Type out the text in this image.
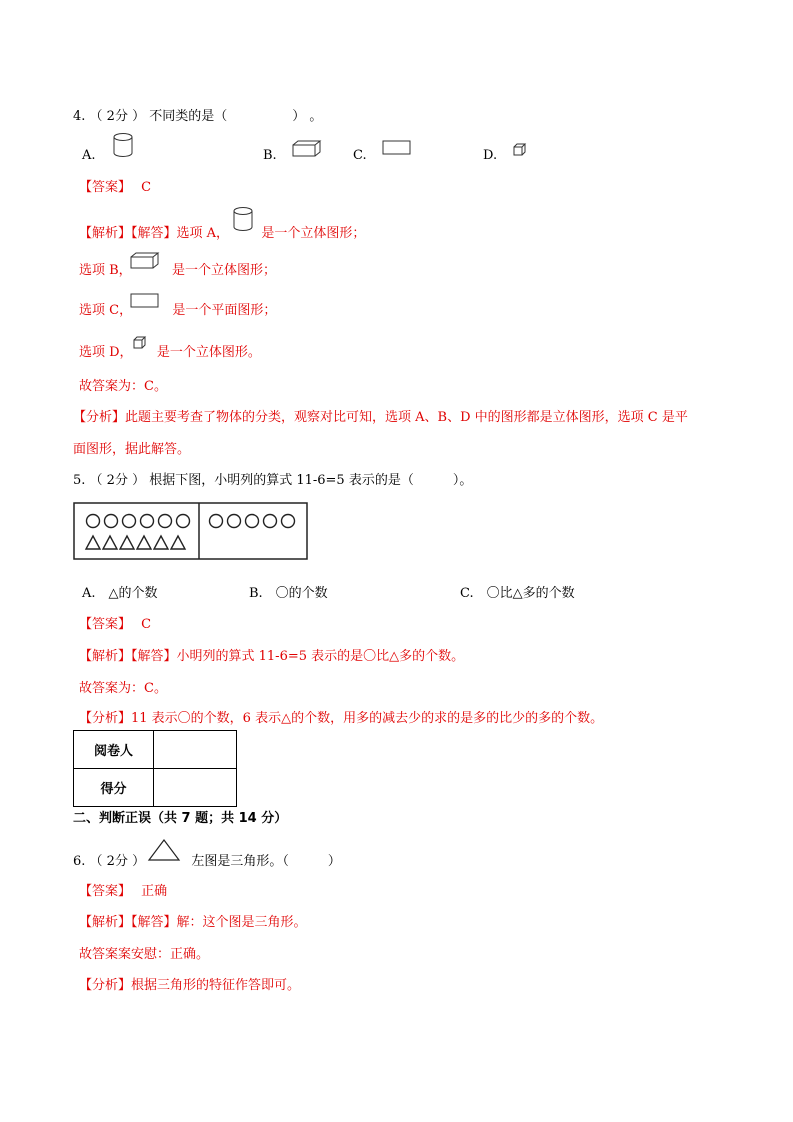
4. （ 2分 ） 不同类的是（　　　　　） 。
A.	B.	C.	D.
【答案】 C
【解析】【解答】选项 A， 是一个立体图形；
选项 B，	是一个立体图形；
选项 C，	是一个平面图形；
选项 D， 是一个立体图形。
故答案为：C。
【分析】此题主要考查了物体的分类，观察对比可知，选项 A、B、D 中的图形都是立体图形，选项 C 是平
面图形，据此解答。
5. （ 2分 ） 根据下图，小明列的算式 11-6=5 表示的是（　　　）。
A.　△的个数	B.　〇的个数	C.　〇比△多的个数
【答案】 C
【解析】【解答】小明列的算式 11-6=5 表示的是〇比△多的个数。
故答案为：C。
【分析】11 表示〇的个数，6 表示△的个数，用多的减去少的求的是多的比少的多的个数。
阅卷人	
得分	
二、判断正误（共 7 题；共 14 分）
6. （ 2分 ）	左图是三角形。（　　　）
【答案】 正确
【解析】【解答】解：这个图是三角形。
故答案案安慰：正确。
【分析】根据三角形的特征作答即可。
